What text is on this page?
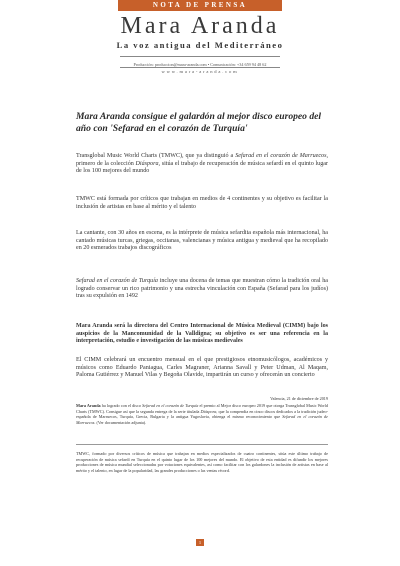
NOTA DE PRENSA
Mara Aranda
La voz antigua del Mediterráneo
Producción: produccion@mara-aranda.com • Comunicación: +34 659 94 48 62
www.mara-aranda.com
Mara Aranda consigue el galardón al mejor disco europeo del año con 'Sefarad en el corazón de Turquía'
Transglobal Music World Charts (TMWC), que ya distinguió a Sefarad en el corazón de Marruecos, primero de la colección Diáspora, sitúa el trabajo de recuperación de música sefardí en el quinto lugar de los 100 mejores del mundo
TMWC está formada por críticos que trabajan en medios de 4 continentes y su objetivo es facilitar la inclusión de artistas en base al mérito y el talento
La cantante, con 30 años en escena, es la intérprete de música sefardita española más internacional, ha cantado músicas turcas, griegas, occitanas, valencianas y música antigua y medieval que ha recopilado en 20 esmerados trabajos discográficos
Sefarad en el corazón de Turquía incluye una docena de temas que muestran cómo la tradición oral ha logrado conservar un rico patrimonio y una estrecha vinculación con España (Sefarad para los judíos) tras su expulsión en 1492
Mara Aranda será la directora del Centro Internacional de Música Medieval (CIMM) bajo los auspicios de la Mancomunidad de la Valldigna; su objetivo es ser una referencia en la interpretación, estudio e investigación de las músicas medievales
El CIMM celebrará un encuentro mensual en el que prestigiosos etnomusicólogos, académicos y músicos como Eduardo Paniagua, Carles Magraner, Arianna Savall y Peter Udman, Al Maqam, Paloma Gutiérrez y Manuel Vilas y Begoña Olavide, impartirán un curso y ofrecerán un concierto
Valencia, 21 de diciembre de 2019
Mara Aranda ha logrado con el disco Sefarad en el corazón de Turquía el premio al Mejor disco europeo 2019 que otorga Transglobal Music World Charts (TMWC). Consigue así que la segunda entrega de la serie titulada Diáspora, que la compendia en cinco discos dedicados a la tradición judeo-española de Marruecos, Turquía, Grecia, Bulgaria y la antigua Yugoslavia, obtenga el mismo reconocimiento que Sefarad en el corazón de Marruecos. (Ver documentación adjunta).
TMWC, formado por diversos críticos de música que trabajan en medios especializados de cuatro continentes, sitúa este último trabajo de recuperación de música sefardí en Turquía en el quinto lugar de los 100 mejores del mundo. El objetivo de esta entidad es difundir los mejores producciones de música mundial seleccionadas por votaciones equivalentes, así como facilitar con los galardones la inclusión de artistas en base al mérito y el talento, en lugar de la popularidad, las grandes producciones o las ventas récord.
1
